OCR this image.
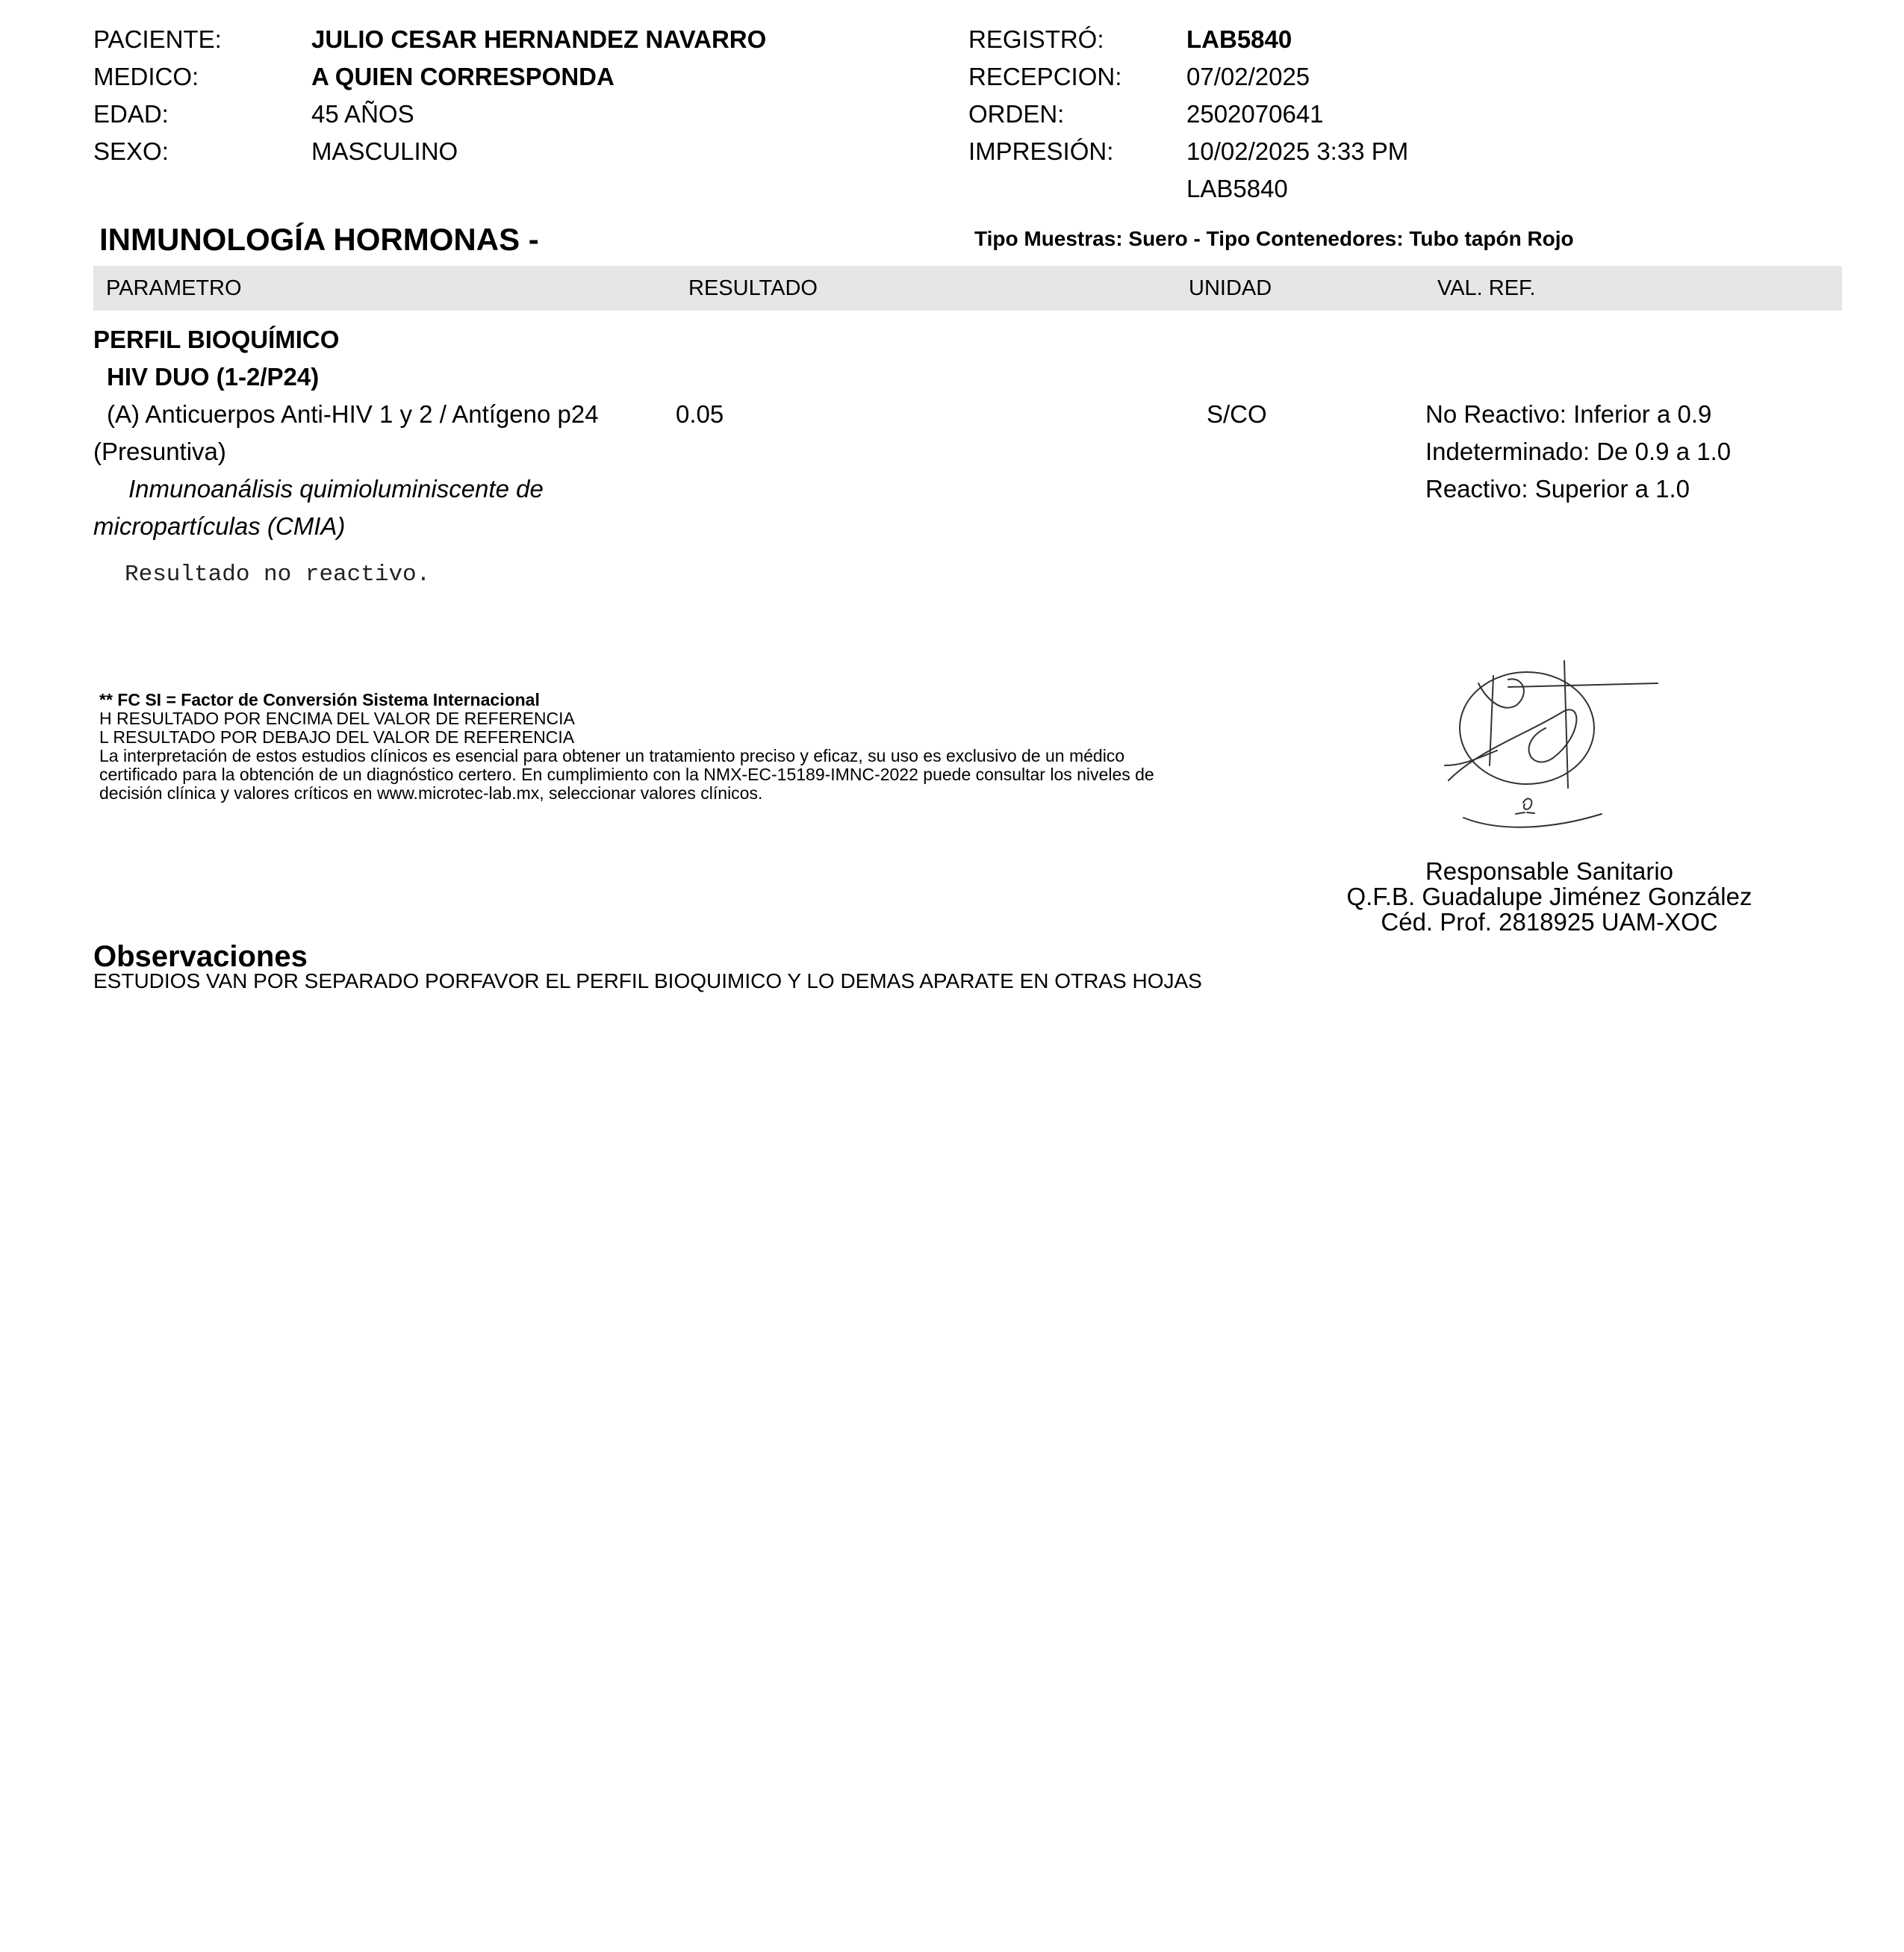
PACIENTE:	JULIO CESAR HERNANDEZ NAVARRO
MEDICO:	A QUIEN CORRESPONDA
EDAD:	45 AÑOS
SEXO:	MASCULINO
REGISTRÓ:	LAB5840
RECEPCION:	07/02/2025
ORDEN:	2502070641
IMPRESIÓN:	10/02/2025 3:33 PM
LAB5840
INMUNOLOGÍA HORMONAS -	Tipo Muestras: Suero - Tipo Contenedores: Tubo tapón Rojo
PARAMETRO	RESULTADO	UNIDAD	VAL. REF.
PERFIL BIOQUÍMICO
HIV DUO (1-2/P24)
(A) Anticuerpos Anti-HIV 1 y 2 / Antígeno p24
(Presuntiva)
Inmunoanálisis quimioluminiscente de
micropartículas (CMIA)
0.05	S/CO	No Reactivo: Inferior a 0.9
Indeterminado: De 0.9 a 1.0
Reactivo: Superior a 1.0
Resultado no reactivo.
** FC SI = Factor de Conversión Sistema Internacional
H RESULTADO POR ENCIMA DEL VALOR DE REFERENCIA
L RESULTADO POR DEBAJO DEL VALOR DE REFERENCIA
La interpretación de estos estudios clínicos es esencial para obtener un tratamiento preciso y eficaz, su uso es exclusivo de un médico
certificado para la obtención de un diagnóstico certero. En cumplimiento con la NMX-EC-15189-IMNC-2022 puede consultar los niveles de
decisión clínica y valores críticos en www.microtec-lab.mx, seleccionar valores clínicos.
Responsable Sanitario
Q.F.B. Guadalupe Jiménez González
Céd. Prof. 2818925 UAM-XOC
Observaciones
ESTUDIOS VAN POR SEPARADO PORFAVOR EL PERFIL BIOQUIMICO Y LO DEMAS APARATE EN OTRAS HOJAS
